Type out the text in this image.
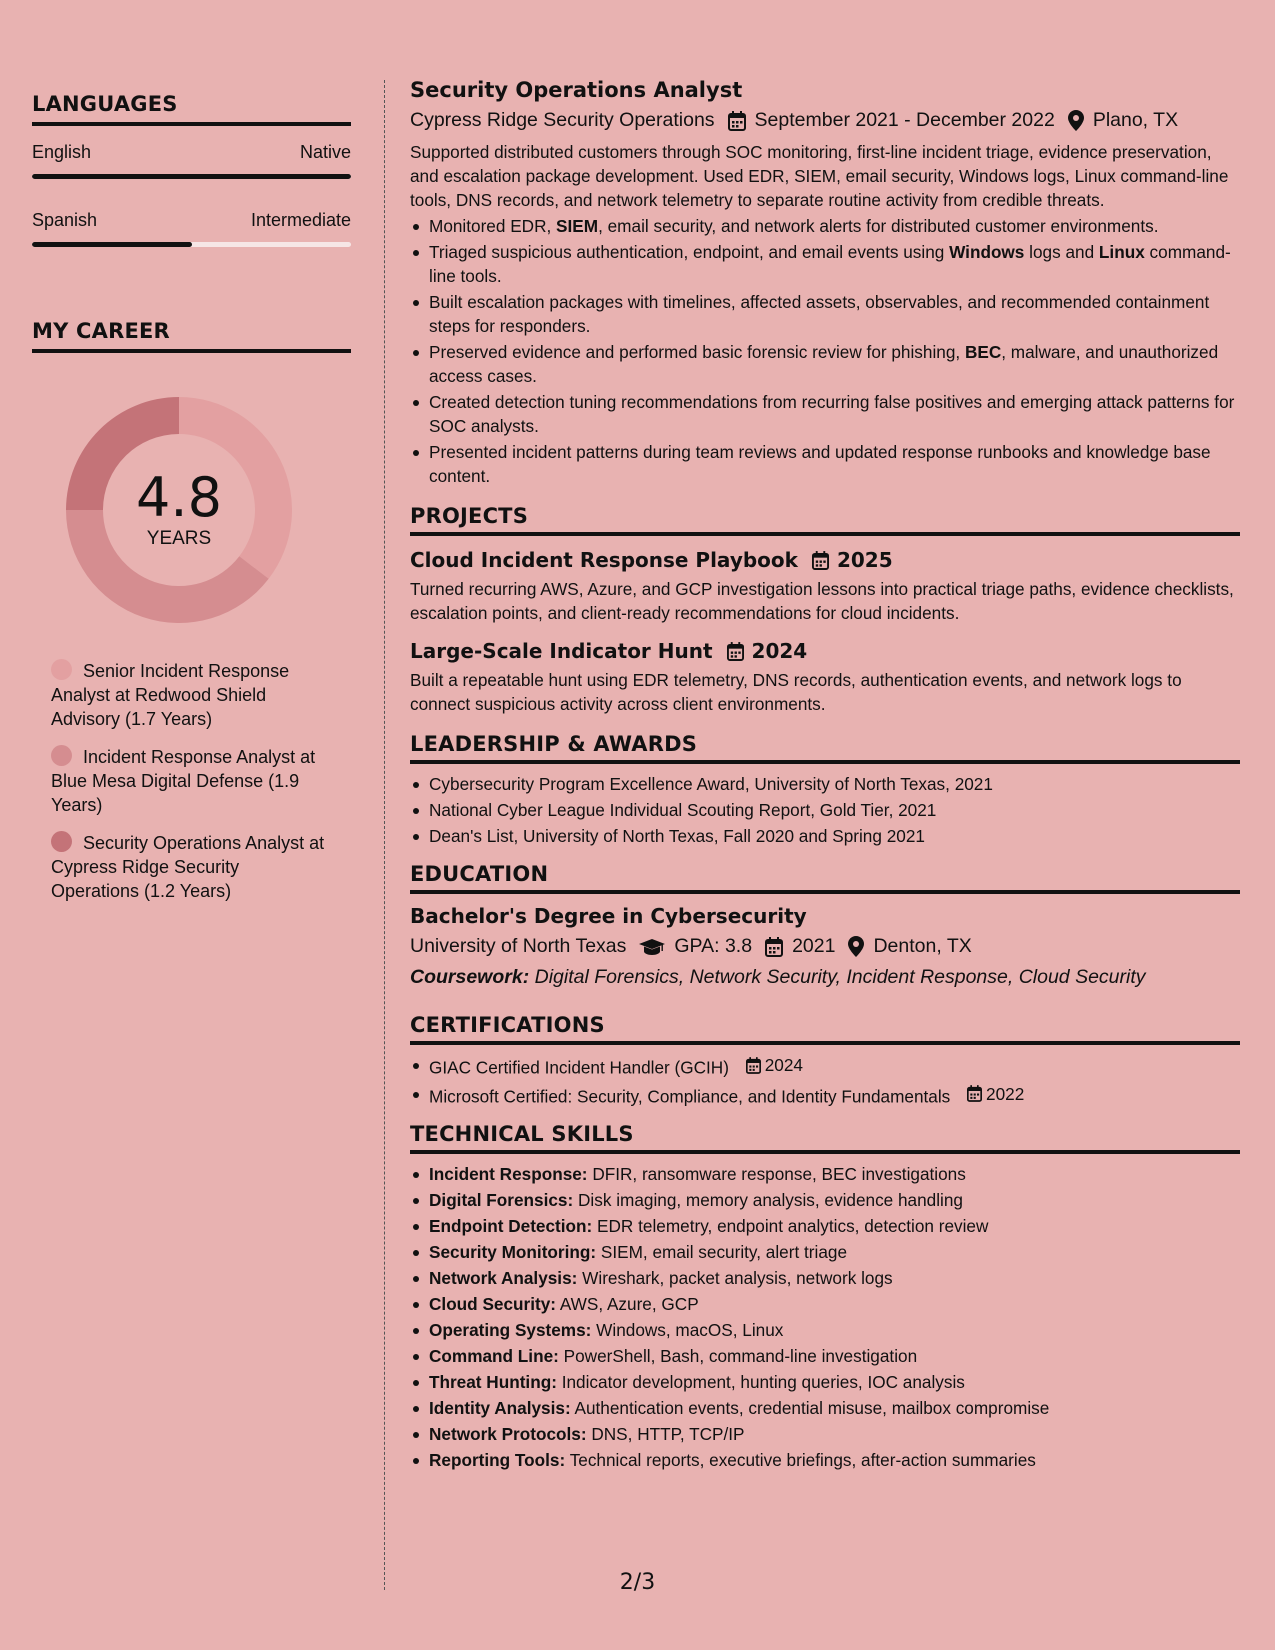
LANGUAGES
English	Native
Spanish	Intermediate
MY CAREER
4.8
YEARS
Senior Incident Response Analyst at Redwood Shield Advisory (1.7 Years)
Incident Response Analyst at Blue Mesa Digital Defense (1.9 Years)
Security Operations Analyst at Cypress Ridge Security Operations (1.2 Years)
Security Operations Analyst
Cypress Ridge Security Operations September 2021 - December 2022 Plano, TX
Supported distributed customers through SOC monitoring, first-line incident triage, evidence preservation, and escalation package development. Used EDR, SIEM, email security, Windows logs, Linux command-line tools, DNS records, and network telemetry to separate routine activity from credible threats.
Monitored EDR, SIEM, email security, and network alerts for distributed customer environments.
Triaged suspicious authentication, endpoint, and email events using Windows logs and Linux command-line tools.
Built escalation packages with timelines, affected assets, observables, and recommended containment steps for responders.
Preserved evidence and performed basic forensic review for phishing, BEC, malware, and unauthorized access cases.
Created detection tuning recommendations from recurring false positives and emerging attack patterns for SOC analysts.
Presented incident patterns during team reviews and updated response runbooks and knowledge base content.
PROJECTS
Cloud Incident Response Playbook 2025
Turned recurring AWS, Azure, and GCP investigation lessons into practical triage paths, evidence checklists, escalation points, and client-ready recommendations for cloud incidents.
Large-Scale Indicator Hunt 2024
Built a repeatable hunt using EDR telemetry, DNS records, authentication events, and network logs to connect suspicious activity across client environments.
LEADERSHIP & AWARDS
Cybersecurity Program Excellence Award, University of North Texas, 2021
National Cyber League Individual Scouting Report, Gold Tier, 2021
Dean's List, University of North Texas, Fall 2020 and Spring 2021
EDUCATION
Bachelor's Degree in Cybersecurity
University of North Texas GPA: 3.8 2021 Denton, TX
Coursework: Digital Forensics, Network Security, Incident Response, Cloud Security
CERTIFICATIONS
GIAC Certified Incident Handler (GCIH) 2024
Microsoft Certified: Security, Compliance, and Identity Fundamentals 2022
TECHNICAL SKILLS
Incident Response: DFIR, ransomware response, BEC investigations
Digital Forensics: Disk imaging, memory analysis, evidence handling
Endpoint Detection: EDR telemetry, endpoint analytics, detection review
Security Monitoring: SIEM, email security, alert triage
Network Analysis: Wireshark, packet analysis, network logs
Cloud Security: AWS, Azure, GCP
Operating Systems: Windows, macOS, Linux
Command Line: PowerShell, Bash, command-line investigation
Threat Hunting: Indicator development, hunting queries, IOC analysis
Identity Analysis: Authentication events, credential misuse, mailbox compromise
Network Protocols: DNS, HTTP, TCP/IP
Reporting Tools: Technical reports, executive briefings, after-action summaries
2/3
